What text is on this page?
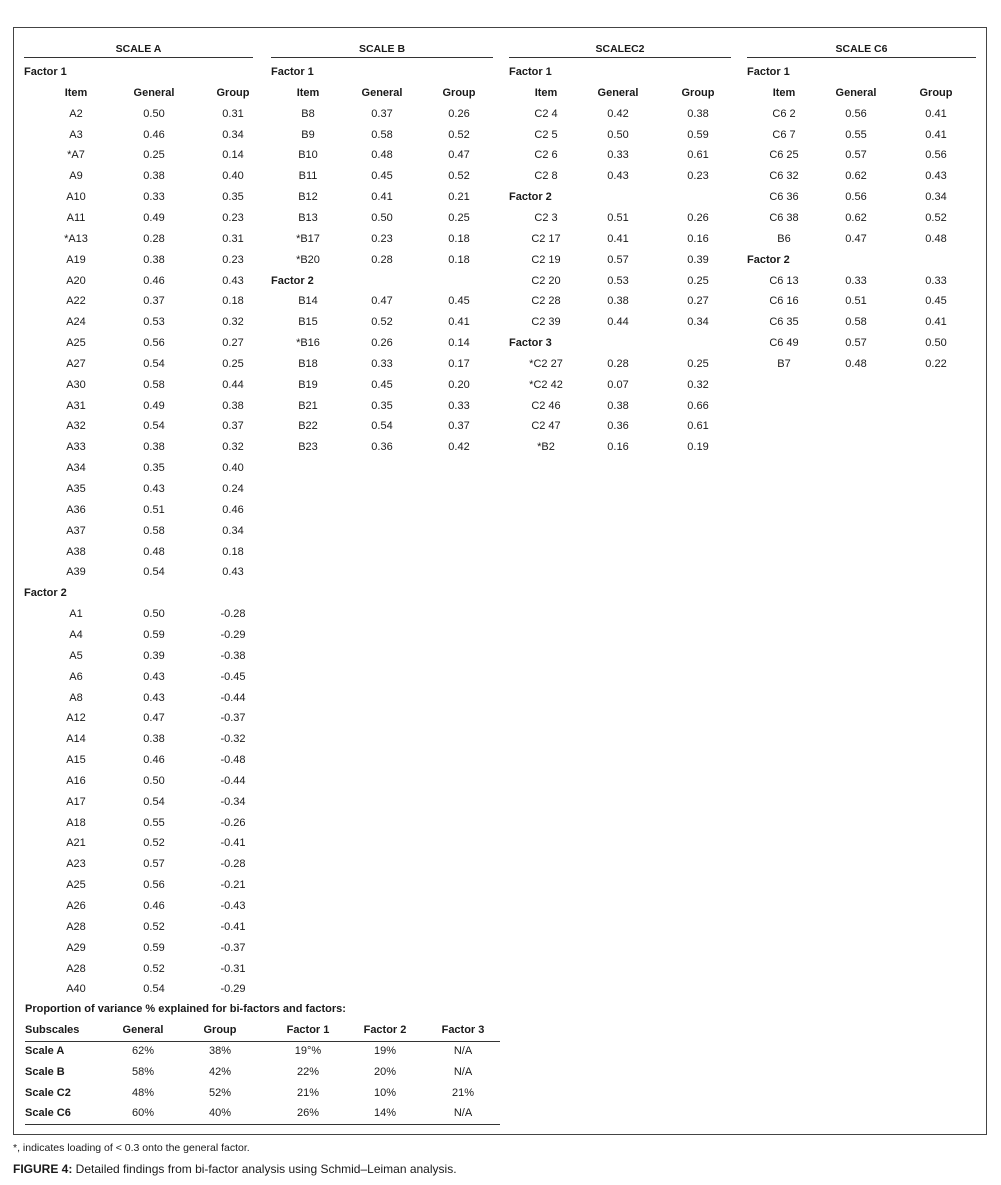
SCALE A
Factor 1
Item	General	Group
A2	0.50	0.31
A3	0.46	0.34
*A7	0.25	0.14
A9	0.38	0.40
A10	0.33	0.35
A11	0.49	0.23
*A13	0.28	0.31
A19	0.38	0.23
A20	0.46	0.43
A22	0.37	0.18
A24	0.53	0.32
A25	0.56	0.27
A27	0.54	0.25
A30	0.58	0.44
A31	0.49	0.38
A32	0.54	0.37
A33	0.38	0.32
A34	0.35	0.40
A35	0.43	0.24
A36	0.51	0.46
A37	0.58	0.34
A38	0.48	0.18
A39	0.54	0.43
Factor 2
A1	0.50	-0.28
A4	0.59	-0.29
A5	0.39	-0.38
A6	0.43	-0.45
A8	0.43	-0.44
A12	0.47	-0.37
A14	0.38	-0.32
A15	0.46	-0.48
A16	0.50	-0.44
A17	0.54	-0.34
A18	0.55	-0.26
A21	0.52	-0.41
A23	0.57	-0.28
A25	0.56	-0.21
A26	0.46	-0.43
A28	0.52	-0.41
A29	0.59	-0.37
A28	0.52	-0.31
A40	0.54	-0.29
SCALE B
Factor 1
Item	General	Group
B8	0.37	0.26
B9	0.58	0.52
B10	0.48	0.47
B11	0.45	0.52
B12	0.41	0.21
B13	0.50	0.25
*B17	0.23	0.18
*B20	0.28	0.18
Factor 2
B14	0.47	0.45
B15	0.52	0.41
*B16	0.26	0.14
B18	0.33	0.17
B19	0.45	0.20
B21	0.35	0.33
B22	0.54	0.37
B23	0.36	0.42
SCALEC2
Factor 1
Item	General	Group
C2 4	0.42	0.38
C2 5	0.50	0.59
C2 6	0.33	0.61
C2 8	0.43	0.23
Factor 2
C2 3	0.51	0.26
C2 17	0.41	0.16
C2 19	0.57	0.39
C2 20	0.53	0.25
C2 28	0.38	0.27
C2 39	0.44	0.34
Factor 3
*C2 27	0.28	0.25
*C2 42	0.07	0.32
C2 46	0.38	0.66
C2 47	0.36	0.61
*B2	0.16	0.19
SCALE C6
Factor 1
Item	General	Group
C6 2	0.56	0.41
C6 7	0.55	0.41
C6 25	0.57	0.56
C6 32	0.62	0.43
C6 36	0.56	0.34
C6 38	0.62	0.52
B6	0.47	0.48
Factor 2
C6 13	0.33	0.33
C6 16	0.51	0.45
C6 35	0.58	0.41
C6 49	0.57	0.50
B7	0.48	0.22
Proportion of variance % explained for bi-factors and factors:
Subscales	General	Group	Factor 1	Factor 2	Factor 3
Scale A	62%	38%	19°%	19%	N/A
Scale B	58%	42%	22%	20%	N/A
Scale C2	48%	52%	21%	10%	21%
Scale C6	60%	40%	26%	14%	N/A
*, indicates loading of < 0.3 onto the general factor.
FIGURE 4: Detailed findings from bi-factor analysis using Schmid–Leiman analysis.
